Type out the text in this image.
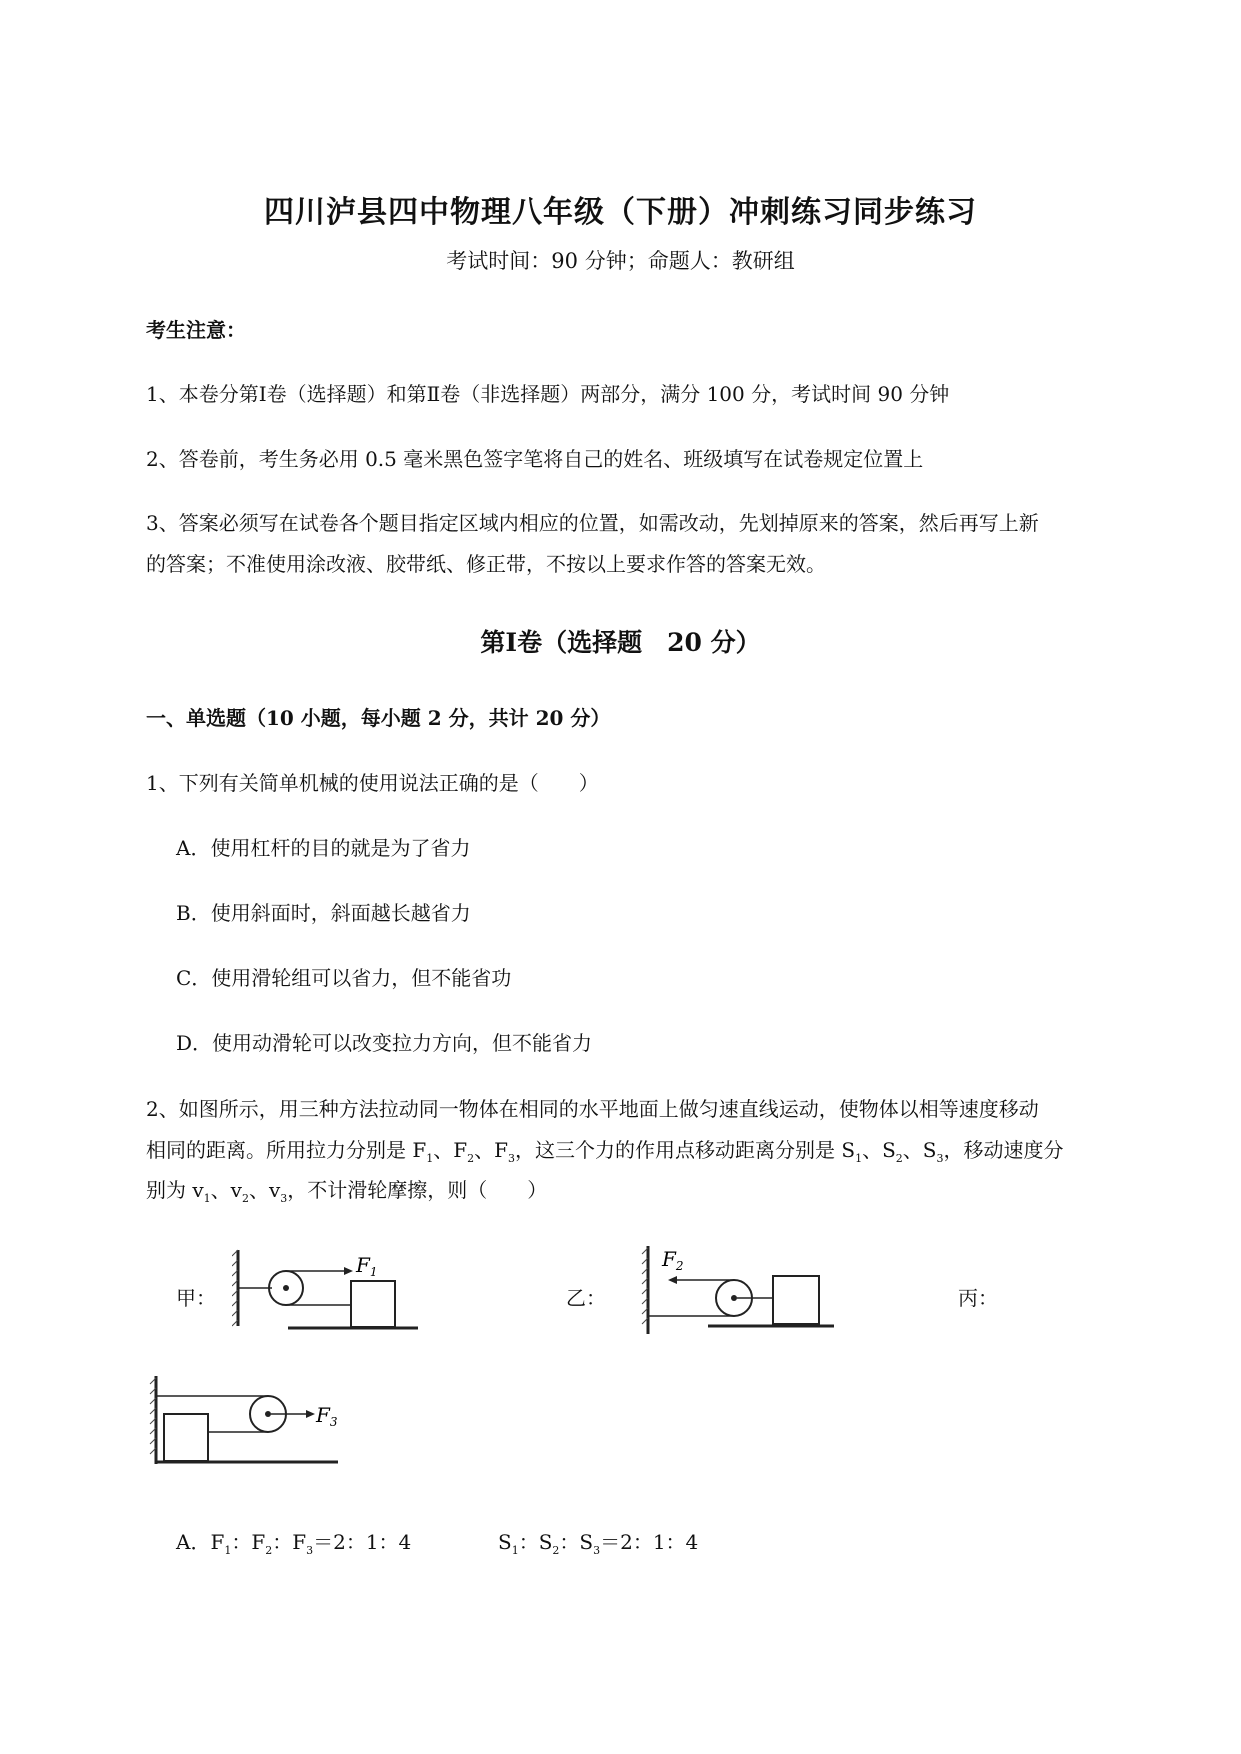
四川泸县四中物理八年级（下册）冲刺练习同步练习
考试时间：90 分钟；命题人：教研组
考生注意：
1、本卷分第Ⅰ卷（选择题）和第Ⅱ卷（非选择题）两部分，满分 100 分，考试时间 90 分钟
2、答卷前，考生务必用 0.5 毫米黑色签字笔将自己的姓名、班级填写在试卷规定位置上
3、答案必须写在试卷各个题目指定区域内相应的位置，如需改动，先划掉原来的答案，然后再写上新
的答案；不准使用涂改液、胶带纸、修正带，不按以上要求作答的答案无效。
第Ⅰ卷（选择题　20 分）
一、单选题（10 小题，每小题 2 分，共计 20 分）
1、下列有关简单机械的使用说法正确的是（　　）
A．使用杠杆的目的就是为了省力
B．使用斜面时，斜面越长越省力
C．使用滑轮组可以省力，但不能省功
D．使用动滑轮可以改变拉力方向，但不能省力
2、如图所示，用三种方法拉动同一物体在相同的水平地面上做匀速直线运动，使物体以相等速度移动
相同的距离。所用拉力分别是 $F_1$、$F_2$、$F_3$，这三个力的作用点移动距离分别是 $S_1$、$S_2$、$S_3$，移动速度分
别为 $v_1$、$v_2$、$v_3$，不计滑轮摩擦，则（　　）
甲：	乙：	丙：
$F_1$
$F_2$
$F_3$
A．$F_1$：$F_2$：$F_3=2$：1：4	$S_1$：$S_2$：$S_3=2$：1：4
